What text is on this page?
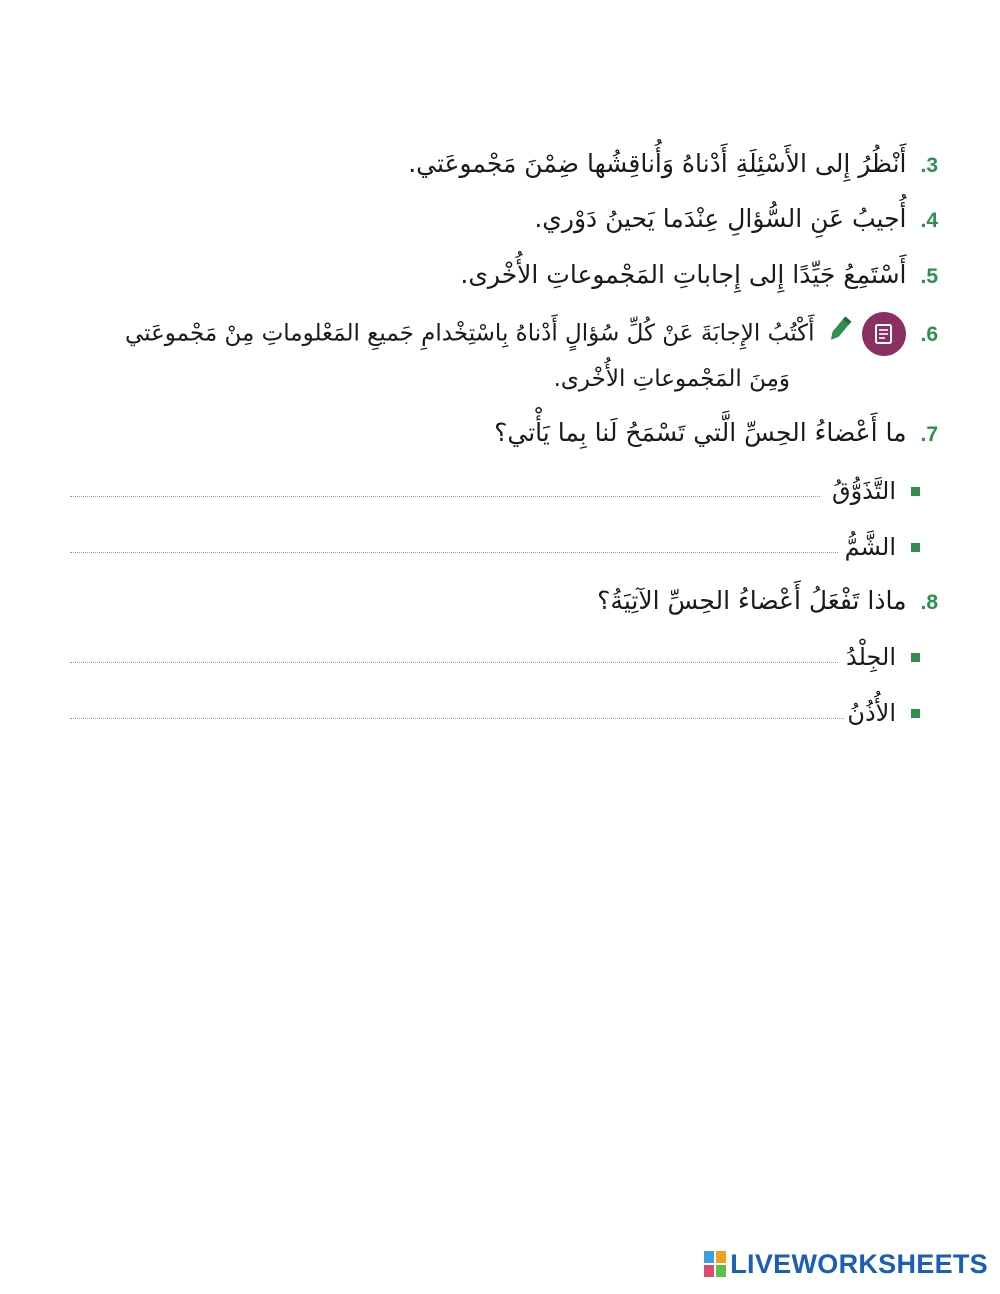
.3أَنْظُرُ إِلى الأَسْئِلَةِ أَدْناهُ وَأُناقِشُها ضِمْنَ مَجْموعَتي.
.4أُجيبُ عَنِ السُّؤالِ عِنْدَما يَحينُ دَوْري.
.5أَسْتَمِعُ جَيِّدًا إِلى إِجاباتِ المَجْموعاتِ الأُخْرى.
.6
أَكْتُبُ الإِجابَةَ عَنْ كُلِّ سُؤالٍ أَدْناهُ بِاسْتِخْدامِ جَميعِ المَعْلوماتِ مِنْ مَجْموعَتي
وَمِنَ المَجْموعاتِ الأُخْرى.
.7ما أَعْضاءُ الحِسِّ الَّتي تَسْمَحُ لَنا بِما يَأْتي؟
التَّذَوُّقُ
الشَّمُّ
.8ماذا تَفْعَلُ أَعْضاءُ الحِسِّ الآتِيَةُ؟
الجِلْدُ
الأُذُنُ
LIVEWORKSHEETS
